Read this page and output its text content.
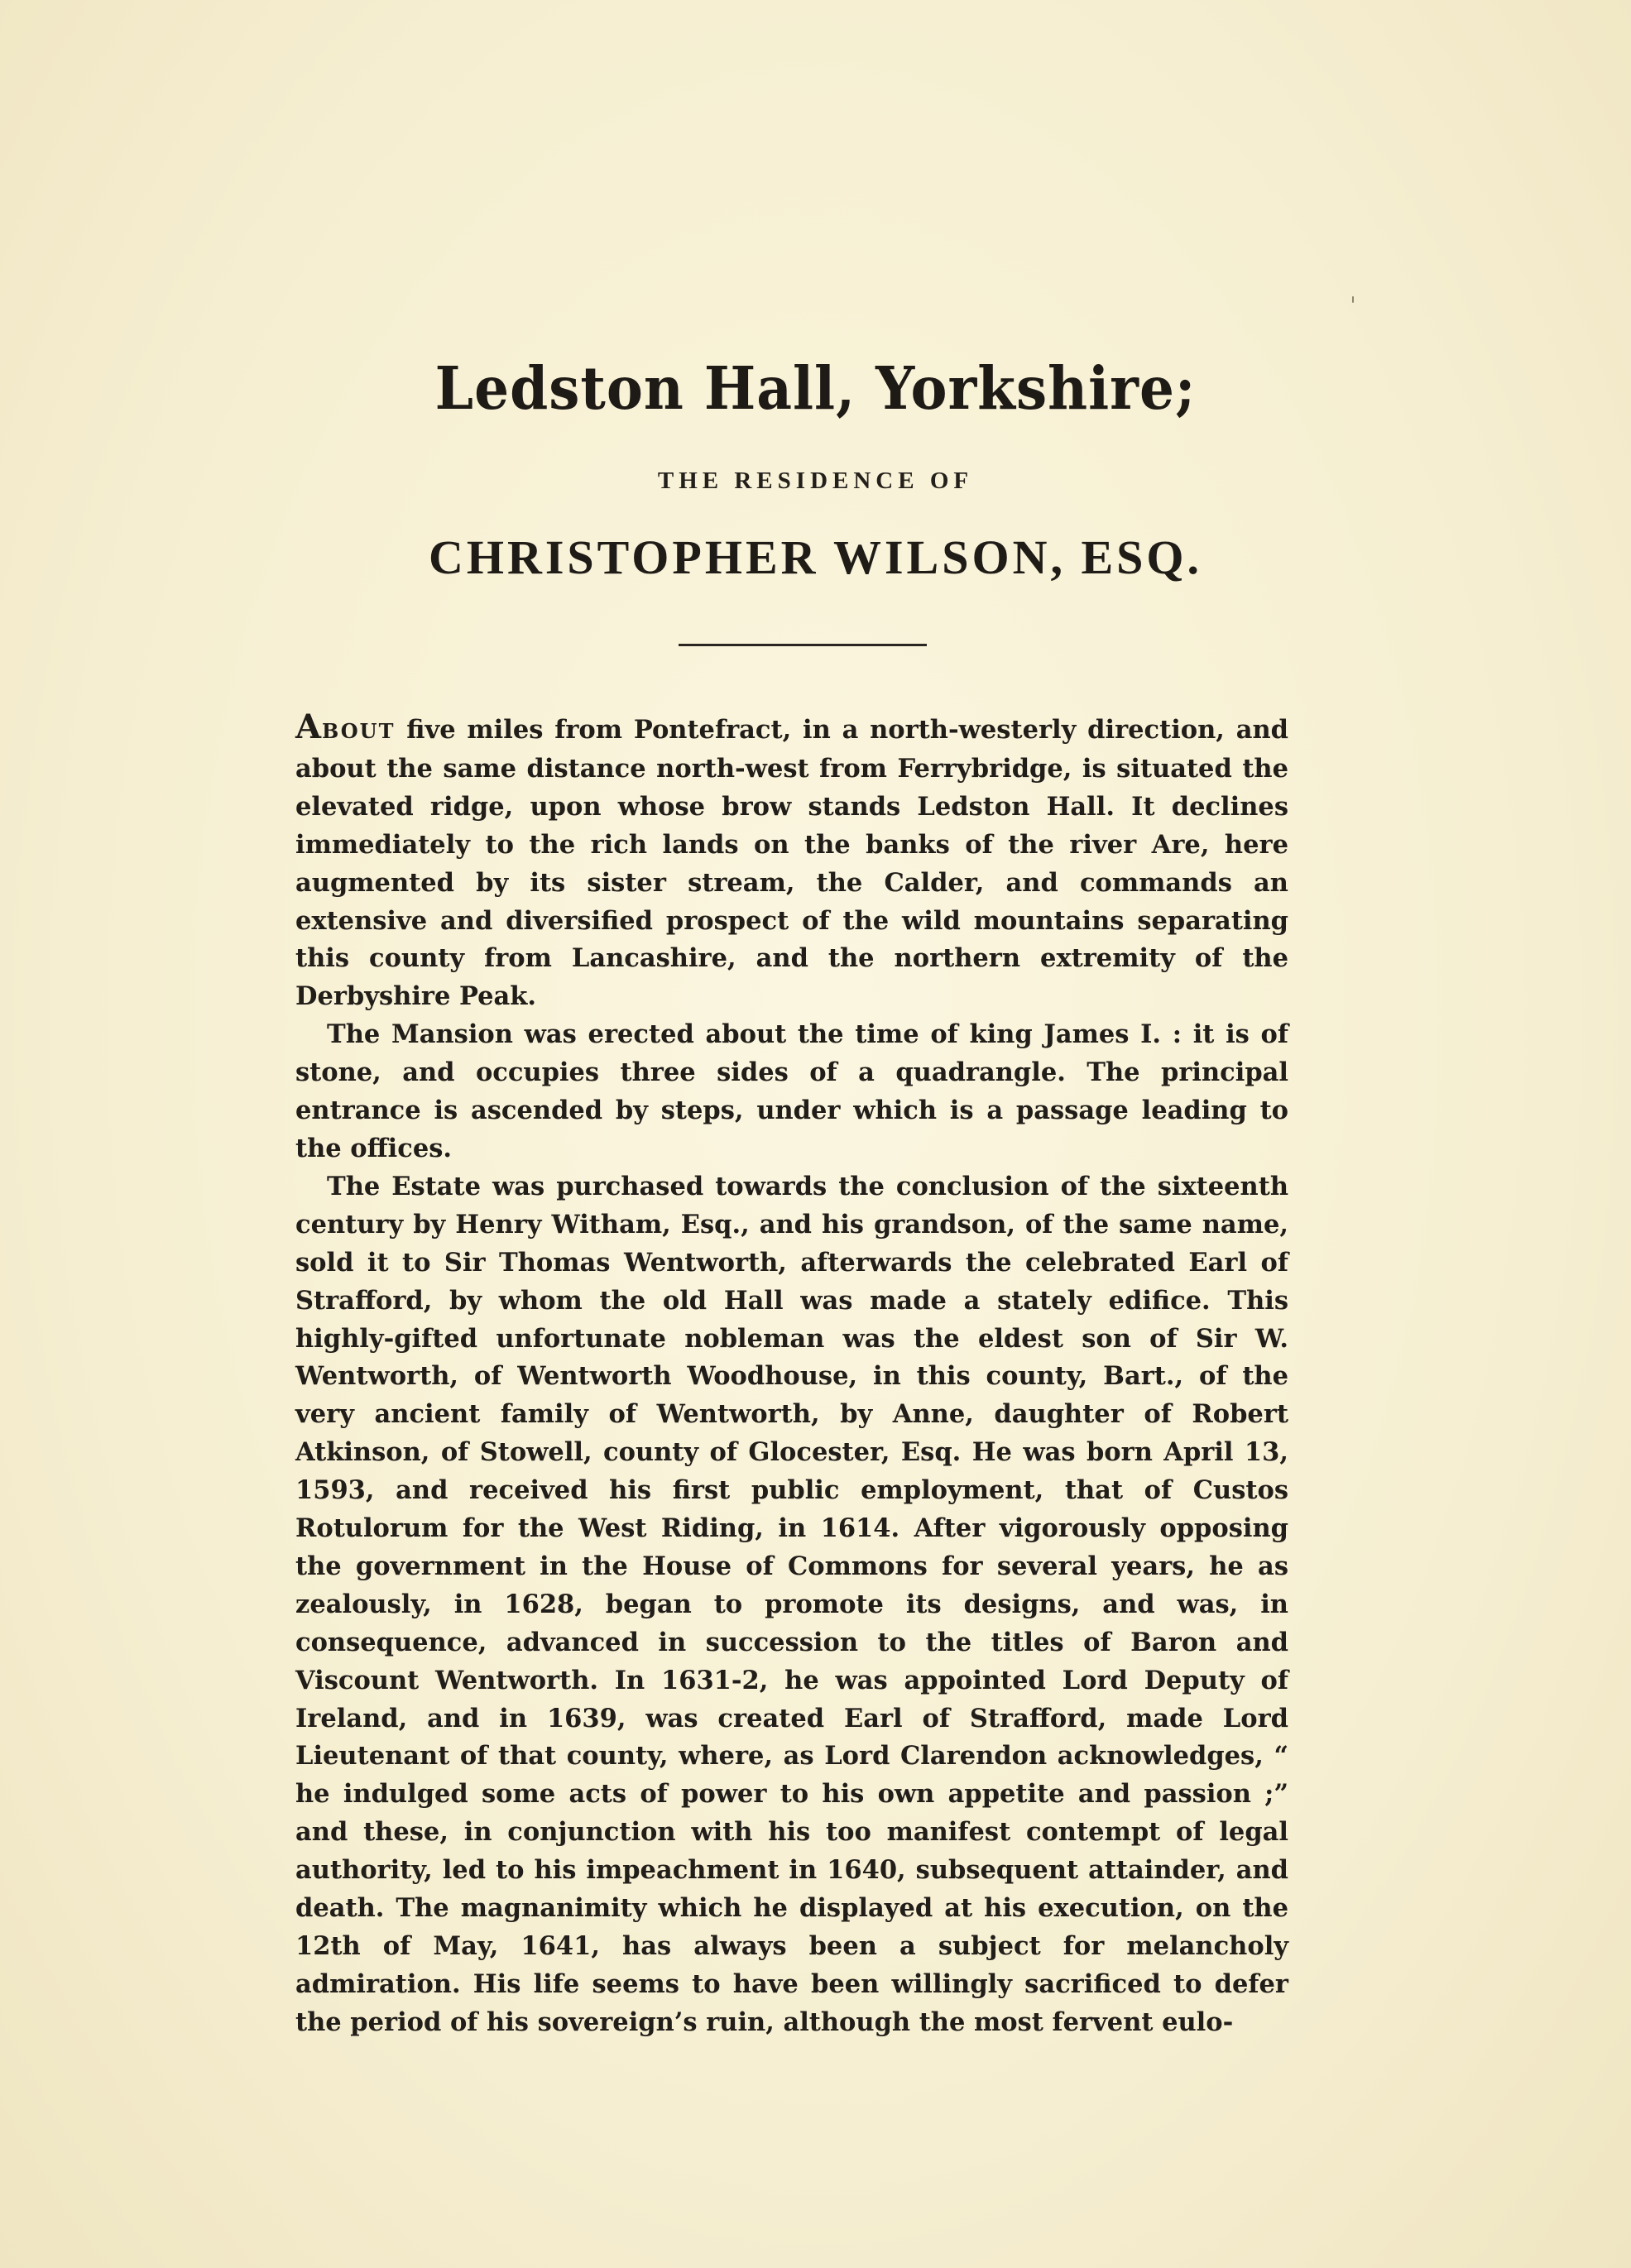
Ledston Hall, Yorkshire;
THE RESIDENCE OF
CHRISTOPHER WILSON, ESQ.

ABOUT five miles from Pontefract, in a north-westerly direction, and about the same distance north-west from Ferrybridge, is situated the elevated ridge, upon whose brow stands Ledston Hall. It declines immediately to the rich lands on the banks of the river Are, here augmented by its sister stream, the Calder, and commands an extensive and diversified prospect of the wild mountains separating this county from Lancashire, and the northern extremity of the Derbyshire Peak.

The Mansion was erected about the time of king James I. : it is of stone, and occupies three sides of a quadrangle. The principal entrance is ascended by steps, under which is a passage leading to the offices.

The Estate was purchased towards the conclusion of the sixteenth century by Henry Witham, Esq., and his grandson, of the same name, sold it to Sir Thomas Wentworth, afterwards the celebrated Earl of Strafford, by whom the old Hall was made a stately edifice. This highly-gifted unfortunate nobleman was the eldest son of Sir W. Wentworth, of Wentworth Woodhouse, in this county, Bart., of the very ancient family of Wentworth, by Anne, daughter of Robert Atkinson, of Stowell, county of Glocester, Esq. He was born April 13, 1593, and received his first public employment, that of Custos Rotulorum for the West Riding, in 1614. After vigorously opposing the government in the House of Commons for several years, he as zealously, in 1628, began to promote its designs, and was, in consequence, advanced in succession to the titles of Baron and Viscount Wentworth. In 1631-2, he was appointed Lord Deputy of Ireland, and in 1639, was created Earl of Strafford, made Lord Lieutenant of that county, where, as Lord Clarendon acknowledges, “ he indulged some acts of power to his own appetite and passion ;” and these, in conjunction with his too manifest contempt of legal authority, led to his impeachment in 1640, subsequent attainder, and death. The magnanimity which he displayed at his execution, on the 12th of May, 1641, has always been a subject for melancholy admiration. His life seems to have been willingly sacrificed to defer the period of his sovereign’s ruin, although the most fervent eulo-
